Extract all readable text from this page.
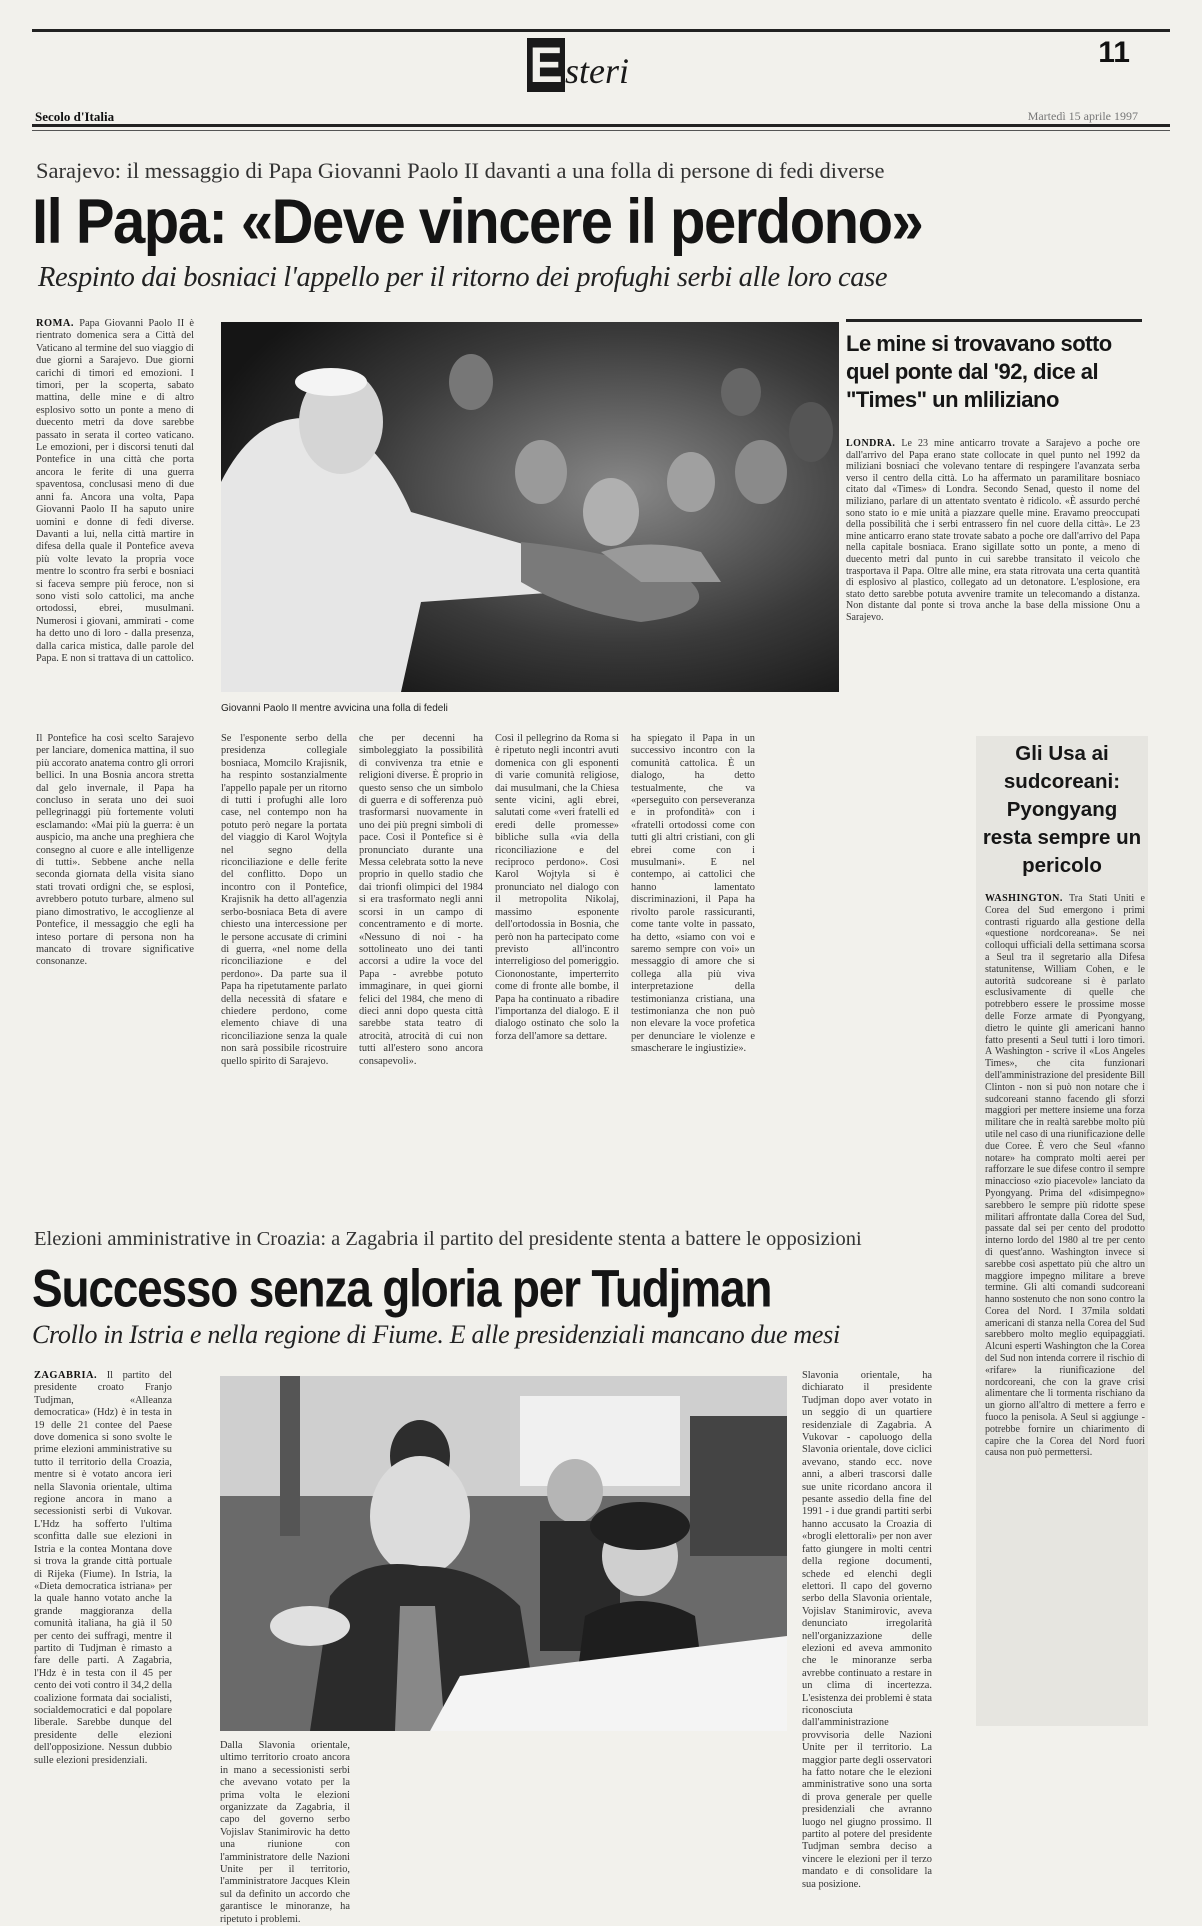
Esteri	11
Secolo d'Italia	Martedì 15 aprile 1997
Sarajevo: il messaggio di Papa Giovanni Paolo II davanti a una folla di persone di fedi diverse
Il Papa: «Deve vincere il perdono»
Respinto dai bosniaci l'appello per il ritorno dei profughi serbi alle loro case
ROMA. Papa Giovanni Paolo II è rientrato domenica sera a Città del Vaticano al termine del suo viaggio di due giorni a Sarajevo. Due giorni carichi di timori ed emozioni. I timori, per la scoperta, sabato mattina, delle mine e di altro esplosivo sotto un ponte a meno di duecento metri da dove sarebbe passato in serata il corteo vaticano. Le emozioni, per i discorsi tenuti dal Pontefice in una città che porta ancora le ferite di una guerra spaventosa, conclusasi meno di due anni fa. Ancora una volta, Papa Giovanni Paolo II ha saputo unire uomini e donne di fedi diverse. Davanti a lui, nella città martire in difesa della quale il Pontefice aveva più volte levato la propria voce mentre lo scontro fra serbi e bosniaci si faceva sempre più feroce, non si sono visti solo cattolici, ma anche ortodossi, ebrei, musulmani. Numerosi i giovani, ammirati - come ha detto uno di loro - dalla presenza, dalla carica mistica, dalle parole del Papa. E non si trattava di un cattolico.
Giovanni Paolo II mentre avvicina una folla di fedeli
Le mine si trovavano sotto quel ponte dal '92, dice al "Times" un mliliziano
LONDRA. Le 23 mine anticarro trovate a Sarajevo a poche ore dall'arrivo del Papa erano state collocate in quel punto nel 1992 da miliziani bosniaci che volevano tentare di respingere l'avanzata serba verso il centro della città. Lo ha affermato un paramilitare bosniaco citato dal «Times» di Londra. Secondo Senad, questo il nome del miliziano, parlare di un attentato sventato è ridicolo. «È assurdo perché sono stato io e mie unità a piazzare quelle mine. Eravamo preoccupati della possibilità che i serbi entrassero fin nel cuore della città». Le 23 mine anticarro erano state trovate sabato a poche ore dall'arrivo del Papa nella capitale bosniaca. Erano sigillate sotto un ponte, a meno di duecento metri dal punto in cui sarebbe transitato il veicolo che trasportava il Papa. Oltre alle mine, era stata ritrovata una certa quantità di esplosivo al plastico, collegato ad un detonatore. L'esplosione, era stato detto sarebbe potuta avvenire tramite un telecomando a distanza. Non distante dal ponte si trova anche la base della missione Onu a Sarajevo.
Il Pontefice ha così scelto Sarajevo per lanciare, domenica mattina, il suo più accorato anatema contro gli orrori bellici. In una Bosnia ancora stretta dal gelo invernale, il Papa ha concluso in serata uno dei suoi pellegrinaggi più fortemente voluti esclamando: «Mai più la guerra: è un auspicio, ma anche una preghiera che consegno al cuore e alle intelligenze di tutti». Sebbene anche nella seconda giornata della visita siano stati trovati ordigni che, se esplosi, avrebbero potuto turbare, almeno sul piano dimostrativo, le accoglienze al Pontefice, il messaggio che egli ha inteso portare di persona non ha mancato di trovare significative consonanze.
Se l'esponente serbo della presidenza collegiale bosniaca, Momcilo Krajisnik, ha respinto sostanzialmente l'appello papale per un ritorno di tutti i profughi alle loro case, nel contempo non ha potuto però negare la portata del viaggio di Karol Wojtyla nel segno della riconciliazione e delle ferite del conflitto. Dopo un incontro con il Pontefice, Krajisnik ha detto all'agenzia serbo-bosniaca Beta di avere chiesto una intercessione per le persone accusate di crimini di guerra, «nel nome della riconciliazione e del perdono». Da parte sua il Papa ha ripetutamente parlato della necessità di sfatare e chiedere perdono, come elemento chiave di una riconciliazione senza la quale non sarà possibile ricostruire quello spirito di Sarajevo.
che per decenni ha simboleggiato la possibilità di convivenza tra etnie e religioni diverse. È proprio in questo senso che un simbolo di guerra e di sofferenza può trasformarsi nuovamente in uno dei più pregni simboli di pace. Così il Pontefice si è pronunciato durante una Messa celebrata sotto la neve proprio in quello stadio che dai trionfi olimpici del 1984 si era trasformato negli anni scorsi in un campo di concentramento e di morte. «Nessuno di noi - ha sottolineato uno dei tanti accorsi a udire la voce del Papa - avrebbe potuto immaginare, in quei giorni felici del 1984, che meno di dieci anni dopo questa città sarebbe stata teatro di atrocità, atrocità di cui non tutti all'estero sono ancora consapevoli».
Così il pellegrino da Roma si è ripetuto negli incontri avuti domenica con gli esponenti di varie comunità religiose, dai musulmani, che la Chiesa sente vicini, agli ebrei, salutati come «veri fratelli ed eredi delle promesse» bibliche sulla «via della riconciliazione e del reciproco perdono». Così Karol Wojtyla si è pronunciato nel dialogo con il metropolita Nikolaj, massimo esponente dell'ortodossia in Bosnia, che però non ha partecipato come previsto all'incontro interreligioso del pomeriggio. Ciononostante, imperterrito come di fronte alle bombe, il Papa ha continuato a ribadire l'importanza del dialogo. E il dialogo ostinato che solo la forza dell'amore sa dettare.
ha spiegato il Papa in un successivo incontro con la comunità cattolica. È un dialogo, ha detto testualmente, che va «perseguito con perseveranza e in profondità» con i «fratelli ortodossi come con tutti gli altri cristiani, con gli ebrei come con i musulmani». E nel contempo, ai cattolici che hanno lamentato discriminazioni, il Papa ha rivolto parole rassicuranti, come tante volte in passato, ha detto, «siamo con voi e saremo sempre con voi» un messaggio di amore che si collega alla più viva interpretazione della testimonianza cristiana, una testimonianza che non può non elevare la voce profetica per denunciare le violenze e smascherare le ingiustizie».
Gli Usa ai sudcoreani: Pyongyang resta sempre un pericolo
WASHINGTON. Tra Stati Uniti e Corea del Sud emergono i primi contrasti riguardo alla gestione della «questione nordcoreana». Se nei colloqui ufficiali della settimana scorsa a Seul tra il segretario alla Difesa statunitense, William Cohen, e le autorità sudcoreane si è parlato esclusivamente di quelle che potrebbero essere le prossime mosse delle Forze armate di Pyongyang, dietro le quinte gli americani hanno fatto presenti a Seul tutti i loro timori. A Washington - scrive il «Los Angeles Times», che cita funzionari dell'amministrazione del presidente Bill Clinton - non si può non notare che i sudcoreani stanno facendo gli sforzi maggiori per mettere insieme una forza militare che in realtà sarebbe molto più utile nel caso di una riunificazione delle due Coree. È vero che Seul «fanno notare» ha comprato molti aerei per rafforzare le sue difese contro il sempre minaccioso «zio piacevole» lanciato da Pyongyang. Prima del «disimpegno» sarebbero le sempre più ridotte spese militari affrontate dalla Corea del Sud, passate dal sei per cento del prodotto interno lordo del 1980 al tre per cento di quest'anno. Washington invece si sarebbe così aspettato più che altro un maggiore impegno militare a breve termine. Gli alti comandi sudcoreani hanno sostenuto che non sono contro la Corea del Nord. I 37mila soldati americani di stanza nella Corea del Sud sarebbero molto meglio equipaggiati. Alcuni esperti Washington che la Corea del Sud non intenda correre il rischio di «rifare» la riunificazione del nordcoreani, che con la grave crisi alimentare che li tormenta rischiano da un giorno all'altro di mettere a ferro e fuoco la penisola. A Seul si aggiunge - potrebbe fornire un chiarimento di capire che la Corea del Nord fuori causa non può permettersi.
Elezioni amministrative in Croazia: a Zagabria il partito del presidente stenta a battere le opposizioni
Successo senza gloria per Tudjman
Crollo in Istria e nella regione di Fiume. E alle presidenziali mancano due mesi
ZAGABRIA. Il partito del presidente croato Franjo Tudjman, «Alleanza democratica» (Hdz) è in testa in 19 delle 21 contee del Paese dove domenica si sono svolte le prime elezioni amministrative su tutto il territorio della Croazia, mentre si è votato ancora ieri nella Slavonia orientale, ultima regione ancora in mano a secessionisti serbi di Vukovar. L'Hdz ha sofferto l'ultima sconfitta dalle sue elezioni in Istria e la contea Montana dove si trova la grande città portuale di Rijeka (Fiume). In Istria, la «Dieta democratica istriana» per la quale hanno votato anche la grande maggioranza della comunità italiana, ha già il 50 per cento dei suffragi, mentre il partito di Tudjman è rimasto a fare delle parti. A Zagabria, l'Hdz è in testa con il 45 per cento dei voti contro il 34,2 della coalizione formata dai socialisti, socialdemocratici e dal popolare liberale. Sarebbe dunque del presidente delle elezioni dell'opposizione. Nessun dubbio sulle elezioni presidenziali.
Slavonia orientale, ha dichiarato il presidente Tudjman dopo aver votato in un seggio di un quartiere residenziale di Zagabria. A Vukovar - capoluogo della Slavonia orientale, dove ciclici avevano, stando ecc. nove anni, a alberi trascorsi dalle sue unite ricordano ancora il pesante assedio della fine del 1991 - i due grandi partiti serbi hanno accusato la Croazia di «brogli elettorali» per non aver fatto giungere in molti centri della regione documenti, schede ed elenchi degli elettori. Il capo del governo serbo della Slavonia orientale, Vojislav Stanimirovic, aveva denunciato irregolarità nell'organizzazione delle elezioni ed aveva ammonito che le minoranze serba avrebbe continuato a restare in un clima di incertezza. L'esistenza dei problemi è stata riconosciuta dall'amministrazione provvisoria delle Nazioni Unite per il territorio. La maggior parte degli osservatori ha fatto notare che le elezioni amministrative sono una sorta di prova generale per quelle presidenziali che avranno luogo nel giugno prossimo. Il partito al potere del presidente Tudjman sembra deciso a vincere le elezioni per il terzo mandato e di consolidare la sua posizione.
Dalla Slavonia orientale, ultimo territorio croato ancora in mano a secessionisti serbi che avevano votato per la prima volta le elezioni organizzate da Zagabria, il capo del governo serbo Vojislav Stanimirovic ha detto una riunione con l'amministratore delle Nazioni Unite per il territorio, l'amministratore Jacques Klein sul da definito un accordo che garantisce le minoranze, ha ripetuto i problemi.
